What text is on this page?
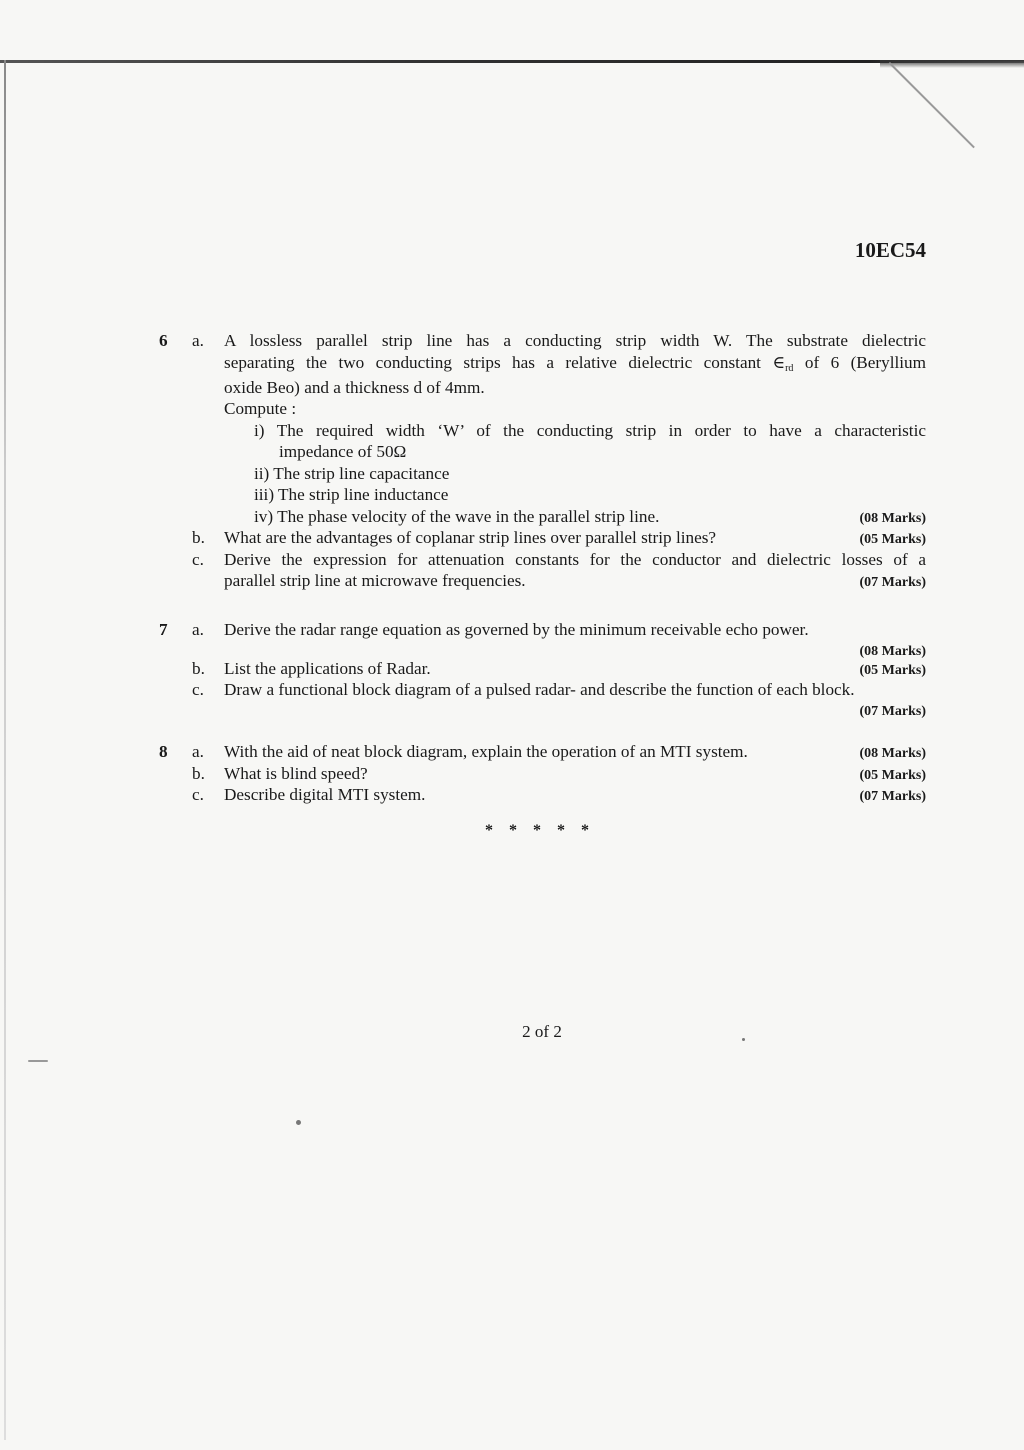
10EC54
6	a.	A lossless parallel strip line has a conducting strip width W. The substrate dielectric
separating the two conducting strips has a relative dielectric constant ∈rd of 6 (Beryllium
oxide Beo) and a thickness d of 4mm.
Compute :
i) The required width ‘W’ of the conducting strip in order to have a characteristic
impedance of 50Ω
ii) The strip line capacitance
iii) The strip line inductance
iv) The phase velocity of the wave in the parallel strip line.	(08 Marks)
b.	What are the advantages of coplanar strip lines over parallel strip lines?	(05 Marks)
c.	Derive the expression for attenuation constants for the conductor and dielectric losses of a
parallel strip line at microwave frequencies.	(07 Marks)
7	a.	Derive the radar range equation as governed by the minimum receivable echo power.
(08 Marks)
b.	List the applications of Radar.	(05 Marks)
c.	Draw a functional block diagram of a pulsed radar- and describe the function of each block.
(07 Marks)
8	a.	With the aid of neat block diagram, explain the operation of an MTI system.	(08 Marks)
b.	What is blind speed?	(05 Marks)
c.	Describe digital MTI system.	(07 Marks)
* * * * *
2 of 2
